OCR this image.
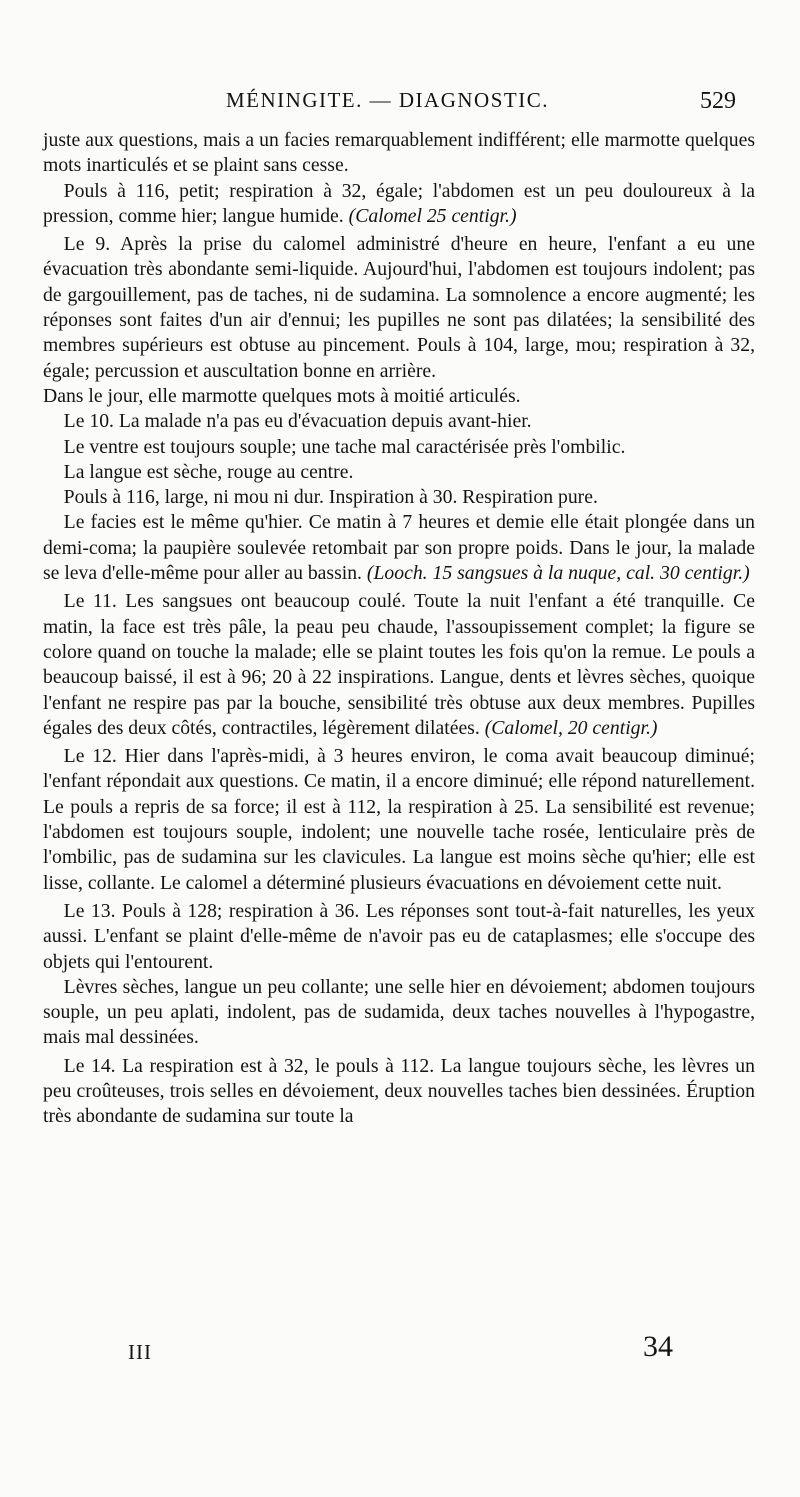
MÉNINGITE. — DIAGNOSTIC.	529

juste aux questions, mais a un facies remarquablement indifférent; elle marmotte quelques mots inarticulés et se plaint sans cesse.

Pouls à 116, petit; respiration à 32, égale; l'abdomen est un peu douloureux à la pression, comme hier; langue humide. (Calomel 25 centigr.)

Le 9. Après la prise du calomel administré d'heure en heure, l'enfant a eu une évacuation très abondante semi-liquide. Aujourd'hui, l'abdomen est toujours indolent; pas de gargouillement, pas de taches, ni de sudamina. La somnolence a encore augmenté; les réponses sont faites d'un air d'ennui; les pupilles ne sont pas dilatées; la sensibilité des membres supérieurs est obtuse au pincement. Pouls à 104, large, mou; respiration à 32, égale; percussion et auscultation bonne en arrière.

Dans le jour, elle marmotte quelques mots à moitié articulés.

Le 10. La malade n'a pas eu d'évacuation depuis avant-hier.

Le ventre est toujours souple; une tache mal caractérisée près l'ombilic.

La langue est sèche, rouge au centre.

Pouls à 116, large, ni mou ni dur. Inspiration à 30. Respiration pure.

Le facies est le même qu'hier. Ce matin à 7 heures et demie elle était plongée dans un demi-coma; la paupière soulevée retombait par son propre poids. Dans le jour, la malade se leva d'elle-même pour aller au bassin. (Looch. 15 sangsues à la nuque, cal. 30 centigr.)

Le 11. Les sangsues ont beaucoup coulé. Toute la nuit l'enfant a été tranquille. Ce matin, la face est très pâle, la peau peu chaude, l'assoupissement complet; la figure se colore quand on touche la malade; elle se plaint toutes les fois qu'on la remue. Le pouls a beaucoup baissé, il est à 96; 20 à 22 inspirations. Langue, dents et lèvres sèches, quoique l'enfant ne respire pas par la bouche, sensibilité très obtuse aux deux membres. Pupilles égales des deux côtés, contractiles, légèrement dilatées. (Calomel, 20 centigr.)

Le 12. Hier dans l'après-midi, à 3 heures environ, le coma avait beaucoup diminué; l'enfant répondait aux questions. Ce matin, il a encore diminué; elle répond naturellement. Le pouls a repris de sa force; il est à 112, la respiration à 25. La sensibilité est revenue; l'abdomen est toujours souple, indolent; une nouvelle tache rosée, lenticulaire près de l'ombilic, pas de sudamina sur les clavicules. La langue est moins sèche qu'hier; elle est lisse, collante. Le calomel a déterminé plusieurs évacuations en dévoiement cette nuit.

Le 13. Pouls à 128; respiration à 36. Les réponses sont tout-à-fait naturelles, les yeux aussi. L'enfant se plaint d'elle-même de n'avoir pas eu de cataplasmes; elle s'occupe des objets qui l'entourent.

Lèvres sèches, langue un peu collante; une selle hier en dévoiement; abdomen toujours souple, un peu aplati, indolent, pas de sudamida, deux taches nouvelles à l'hypogastre, mais mal dessinées.

Le 14. La respiration est à 32, le pouls à 112. La langue toujours sèche, les lèvres un peu croûteuses, trois selles en dévoiement, deux nouvelles taches bien dessinées. Éruption très abondante de sudamina sur toute la

III	34
